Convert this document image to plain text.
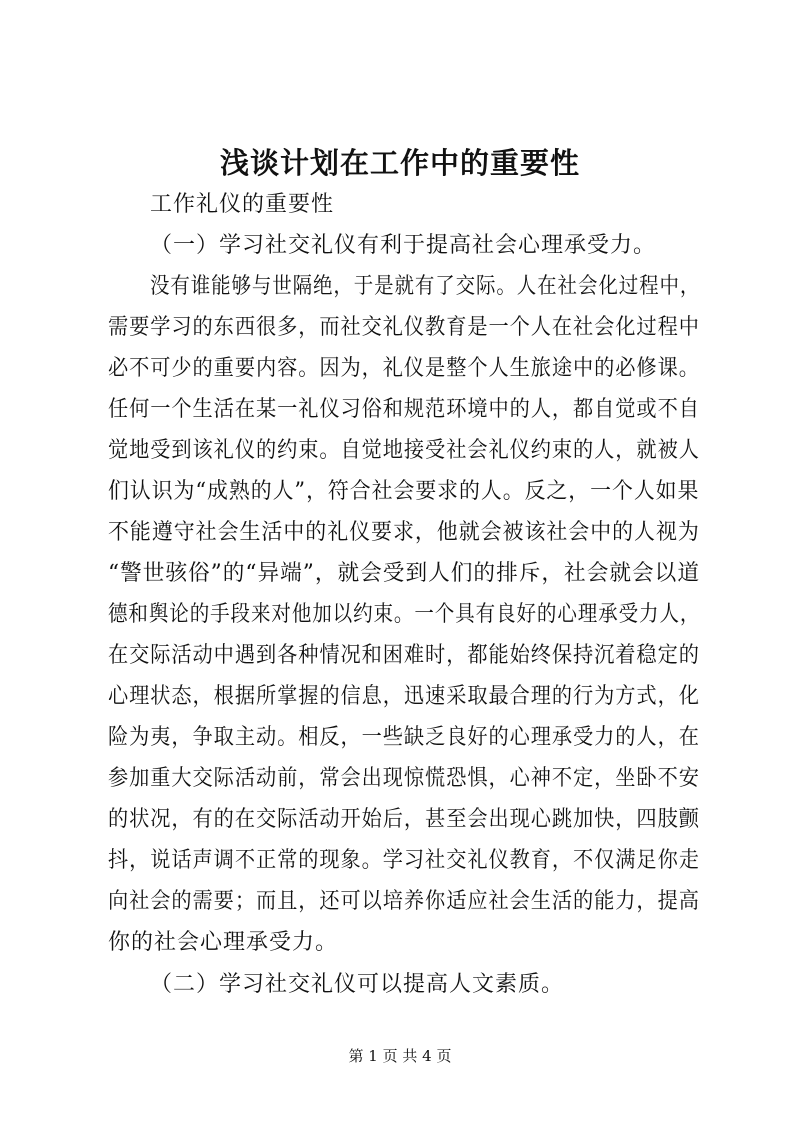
浅谈计划在工作中的重要性
工作礼仪的重要性
（一）学习社交礼仪有利于提高社会心理承受力。
没有谁能够与世隔绝，于是就有了交际。人在社会化过程中，
需要学习的东西很多，而社交礼仪教育是一个人在社会化过程中
必不可少的重要内容。因为，礼仪是整个人生旅途中的必修课。
任何一个生活在某一礼仪习俗和规范环境中的人，都自觉或不自
觉地受到该礼仪的约束。自觉地接受社会礼仪约束的人，就被人
们认识为“成熟的人”，符合社会要求的人。反之，一个人如果
不能遵守社会生活中的礼仪要求，他就会被该社会中的人视为
“警世骇俗”的“异端”，就会受到人们的排斥，社会就会以道
德和舆论的手段来对他加以约束。一个具有良好的心理承受力人，
在交际活动中遇到各种情况和困难时，都能始终保持沉着稳定的
心理状态，根据所掌握的信息，迅速采取最合理的行为方式，化
险为夷，争取主动。相反，一些缺乏良好的心理承受力的人，在
参加重大交际活动前，常会出现惊慌恐惧，心神不定，坐卧不安
的状况，有的在交际活动开始后，甚至会出现心跳加快，四肢颤
抖，说话声调不正常的现象。学习社交礼仪教育，不仅满足你走
向社会的需要；而且，还可以培养你适应社会生活的能力，提高
你的社会心理承受力。
（二）学习社交礼仪可以提高人文素质。
第 1 页 共 4 页
